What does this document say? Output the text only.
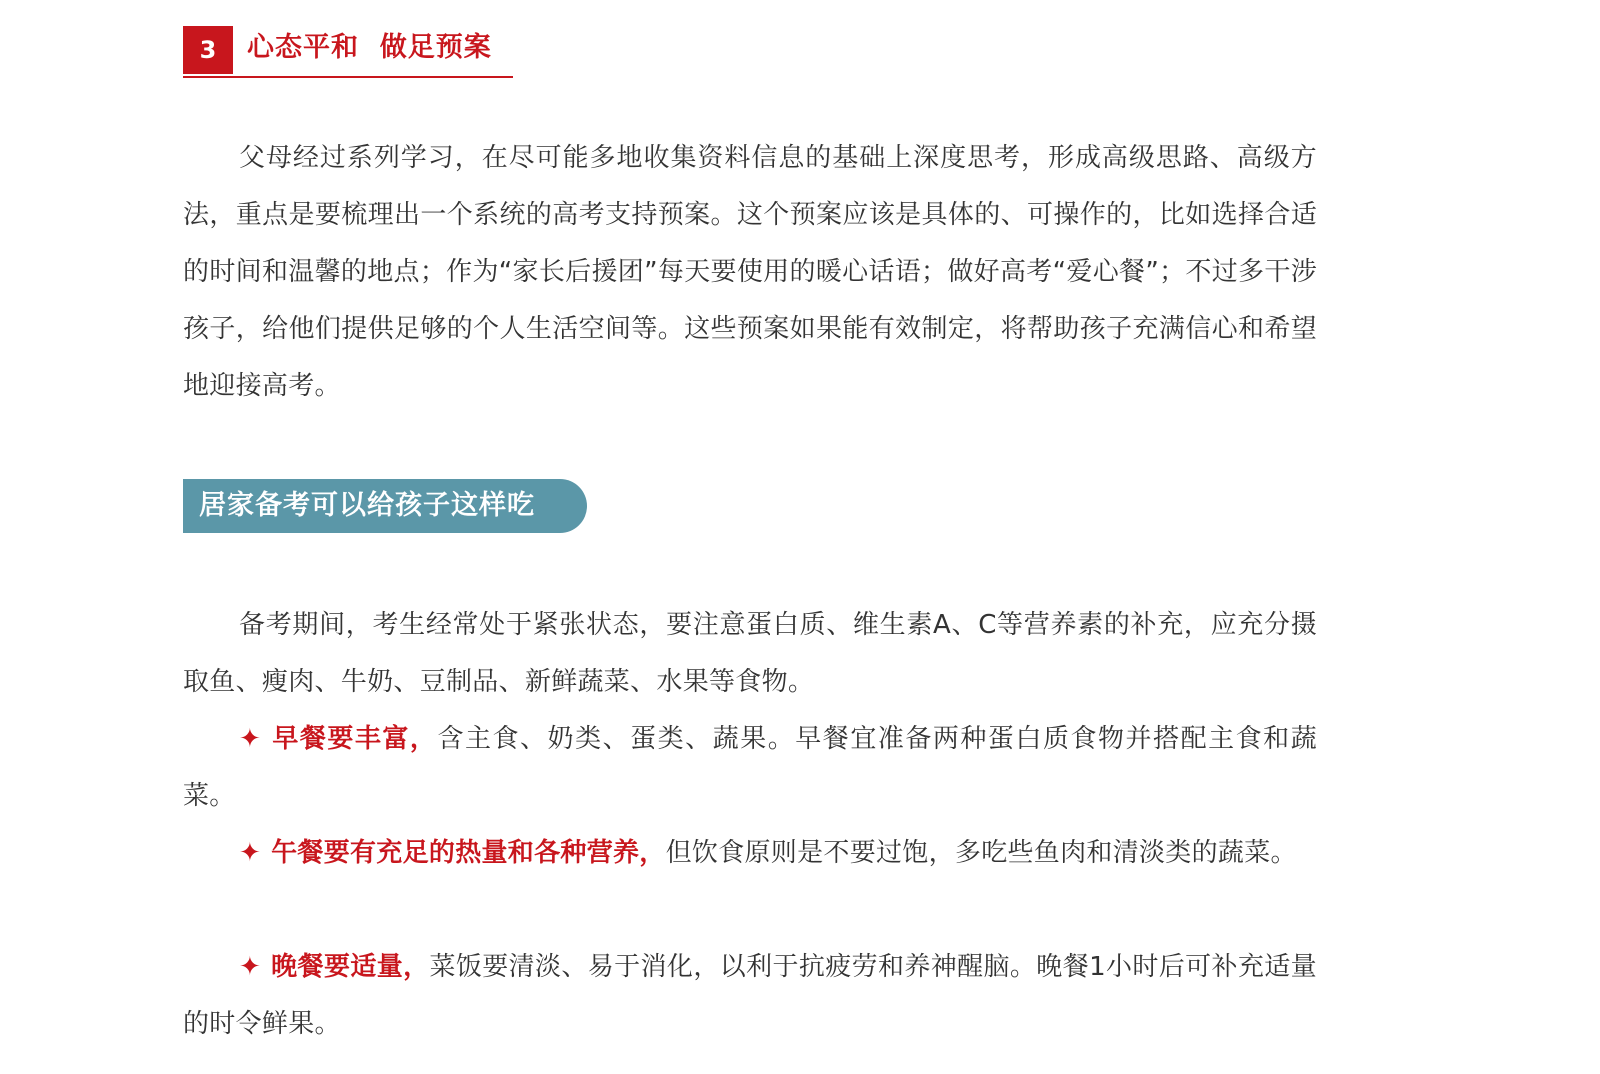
3	心态平和  做足预案

父母经过系列学习，在尽可能多地收集资料信息的基础上深度思考，形成高级思路、高级方法，重点是要梳理出一个系统的高考支持预案。这个预案应该是具体的、可操作的，比如选择合适的时间和温馨的地点；作为“家长后援团”每天要使用的暖心话语；做好高考“爱心餐”；不过多干涉孩子，给他们提供足够的个人生活空间等。这些预案如果能有效制定，将帮助孩子充满信心和希望地迎接高考。

居家备考可以给孩子这样吃

备考期间，考生经常处于紧张状态，要注意蛋白质、维生素A、C等营养素的补充，应充分摄取鱼、瘦肉、牛奶、豆制品、新鲜蔬菜、水果等食物。

✦ 早餐要丰富，含主食、奶类、蛋类、蔬果。早餐宜准备两种蛋白质食物并搭配主食和蔬菜。

✦ 午餐要有充足的热量和各种营养，但饮食原则是不要过饱，多吃些鱼肉和清淡类的蔬菜。

✦ 晚餐要适量，菜饭要清淡、易于消化，以利于抗疲劳和养神醒脑。晚餐1小时后可补充适量的时令鲜果。
